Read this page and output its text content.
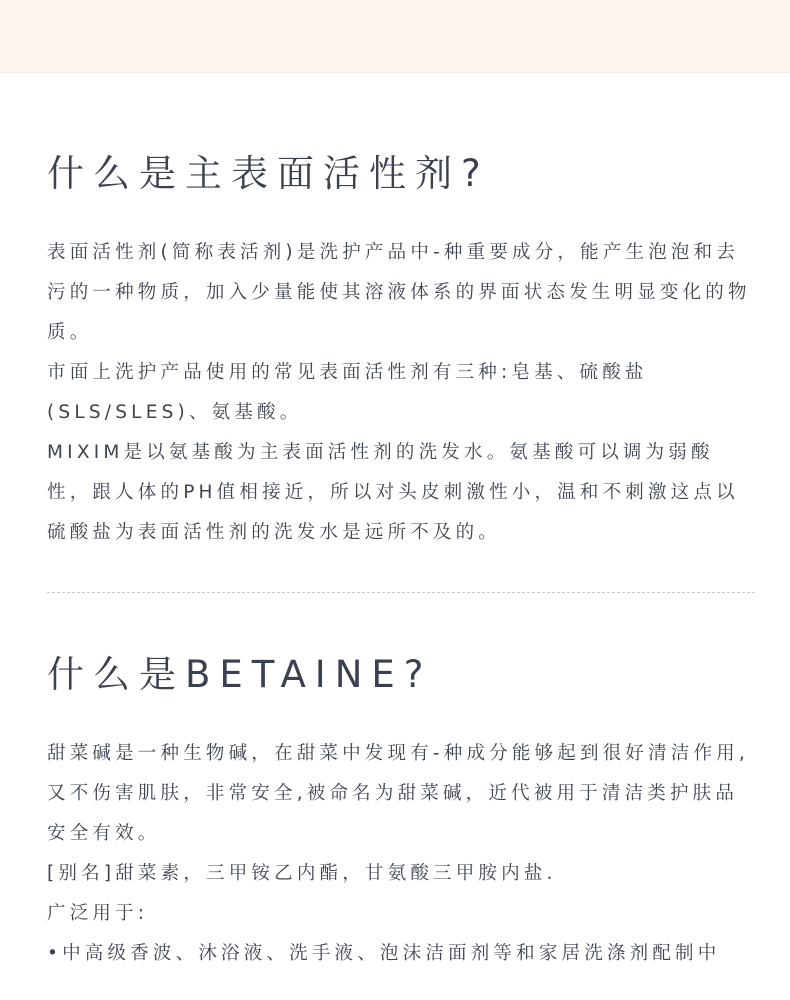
什么是主表面活性剂?

表面活性剂(简称表活剂)是洗护产品中-种重要成分，能产生泡泡和去污的一种物质，加入少量能使其溶液体系的界面状态发生明显变化的物质。

市面上洗护产品使用的常见表面活性剂有三种:皂基、硫酸盐(SLS/SLES)、氨基酸。

MIXIM是以氨基酸为主表面活性剂的洗发水。氨基酸可以调为弱酸性，跟人体的PH值相接近，所以对头皮刺激性小，温和不刺激这点以硫酸盐为表面活性剂的洗发水是远所不及的。

什么是BETAINE?

甜菜碱是一种生物碱，在甜菜中发现有-种成分能够起到很好清洁作用,又不伤害肌肤，非常安全,被命名为甜菜碱，近代被用于清洁类护肤品安全有效。

[别名]甜菜素，三甲铵乙内酯，甘氨酸三甲胺内盐.

广泛用于:

•中高级香波、沐浴液、洗手液、泡沫洁面剂等和家居洗涤剂配制中
